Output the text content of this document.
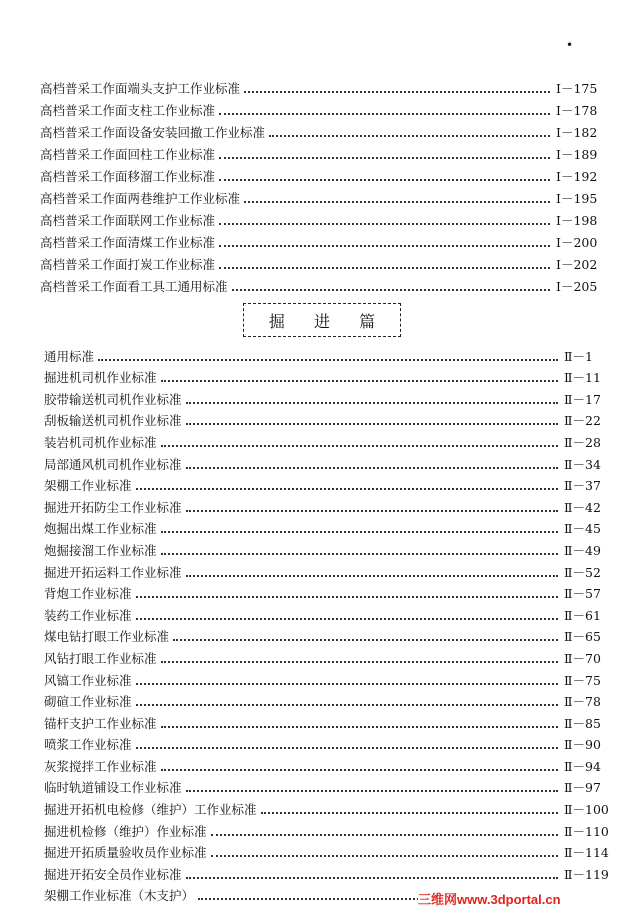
•
高档普采工作面端头支护工作业标准	Ⅰ－175
高档普采工作面支柱工作业标准	Ⅰ－178
高档普采工作面设备安装回撤工作业标准	Ⅰ－182
高档普采工作面回柱工作业标准	Ⅰ－189
高档普采工作面移溜工作业标准	Ⅰ－192
高档普采工作面两巷维护工作业标准	Ⅰ－195
高档普采工作面联网工作业标准	Ⅰ－198
高档普采工作面清煤工作业标准	Ⅰ－200
高档普采工作面打炭工作业标准	Ⅰ－202
高档普采工作面看工具工通用标准	Ⅰ－205
掘 进 篇
通用标准	Ⅱ－1
掘进机司机作业标准	Ⅱ－11
胶带输送机司机作业标准	Ⅱ－17
刮板输送机司机作业标准	Ⅱ－22
装岩机司机作业标准	Ⅱ－28
局部通风机司机作业标准	Ⅱ－34
架棚工作业标准	Ⅱ－37
掘进开拓防尘工作业标准	Ⅱ－42
炮掘出煤工作业标准	Ⅱ－45
炮掘接溜工作业标准	Ⅱ－49
掘进开拓运料工作业标准	Ⅱ－52
背炮工作业标准	Ⅱ－57
装药工作业标准	Ⅱ－61
煤电钻打眼工作业标准	Ⅱ－65
风钻打眼工作业标准	Ⅱ－70
风镐工作业标准	Ⅱ－75
砌碹工作业标准	Ⅱ－78
锚杆支护工作业标准	Ⅱ－85
喷浆工作业标准	Ⅱ－90
灰浆搅拌工作业标准	Ⅱ－94
临时轨道铺设工作业标准	Ⅱ－97
掘进开拓机电检修（维护）工作业标准	Ⅱ－100
掘进机检修（维护）作业标准	Ⅱ－110
掘进开拓质量验收员作业标准	Ⅱ－114
掘进开拓安全员作业标准	Ⅱ－119
架棚工作业标准（木支护）	三维网www.3dportal.cn
